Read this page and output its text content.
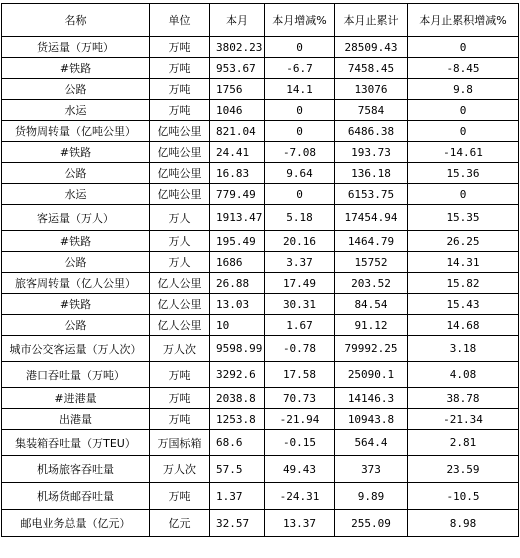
名称	单位	本月	本月增减%	本月止累计	本月止累积增减%
货运量（万吨）	万吨	3802.23	0	28509.43	0
#铁路	万吨	953.67	-6.7	7458.45	-8.45
公路	万吨	1756	14.1	13076	9.8
水运	万吨	1046	0	7584	0
货物周转量（亿吨公里）	亿吨公里	821.04	0	6486.38	0
#铁路	亿吨公里	24.41	-7.08	193.73	-14.61
公路	亿吨公里	16.83	9.64	136.18	15.36
水运	亿吨公里	779.49	0	6153.75	0
客运量（万人）	万人	1913.47	5.18	17454.94	15.35
#铁路	万人	195.49	20.16	1464.79	26.25
公路	万人	1686	3.37	15752	14.31
旅客周转量（亿人公里）	亿人公里	26.88	17.49	203.52	15.82
#铁路	亿人公里	13.03	30.31	84.54	15.43
公路	亿人公里	10	1.67	91.12	14.68
城市公交客运量（万人次）	万人次	9598.99	-0.78	79992.25	3.18
港口吞吐量（万吨）	万吨	3292.6	17.58	25090.1	4.08
#进港量	万吨	2038.8	70.73	14146.3	38.78
出港量	万吨	1253.8	-21.94	10943.8	-21.34
集装箱吞吐量（万TEU）	万国标箱	68.6	-0.15	564.4	2.81
机场旅客吞吐量	万人次	57.5	49.43	373	23.59
机场货邮吞吐量	万吨	1.37	-24.31	9.89	-10.5
邮电业务总量（亿元）	亿元	32.57	13.37	255.09	8.98
